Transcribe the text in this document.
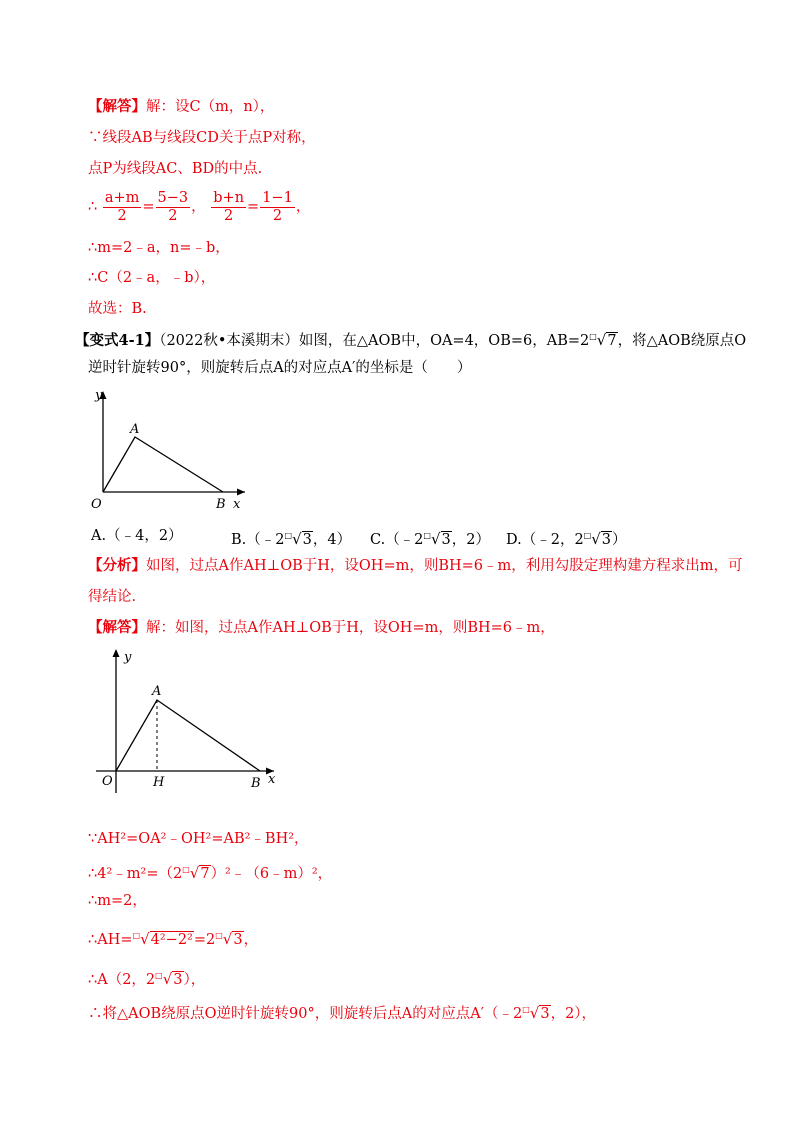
【解答】解：设C（m，n），
∵线段AB与线段CD关于点P对称，
点P为线段AC、BD的中点.
∴ $\frac{a+m}{2} = \frac{5-3}{2}$ ， $\frac{b+n}{2} = \frac{1-1}{2}$ ，
∴m=2﹣a，n=﹣b，
∴C（2﹣a，﹣b），
故选：B.
【变式4-1】（2022秋•本溪期末）如图，在△AOB中，OA=4，OB=6，AB=2□√7，将△AOB绕原点O
逆时针旋转90°，则旋转后点A的对应点A′的坐标是（　　）
y
A
O	B x
A.（﹣4，2）	B.（﹣2□√3，4） C.（﹣2□√3，2） D.（﹣2，2□√3）
【分析】如图，过点A作AH⊥OB于H，设OH=m，则BH=6﹣m，利用勾股定理构建方程求出m，可
得结论.
【解答】解：如图，过点A作AH⊥OB于H，设OH=m，则BH=6﹣m，
y
A
O	H	B x
∵AH²=OA²﹣OH²=AB²﹣BH²，
∴4²﹣m²=（2□√7）²﹣（6﹣m）²，
∴m=2，
∴AH=□√4²−2²=2□√3，
∴A（2，2□√3），
∴将△AOB绕原点O逆时针旋转90°，则旋转后点A的对应点A′（﹣2□√3，2），
